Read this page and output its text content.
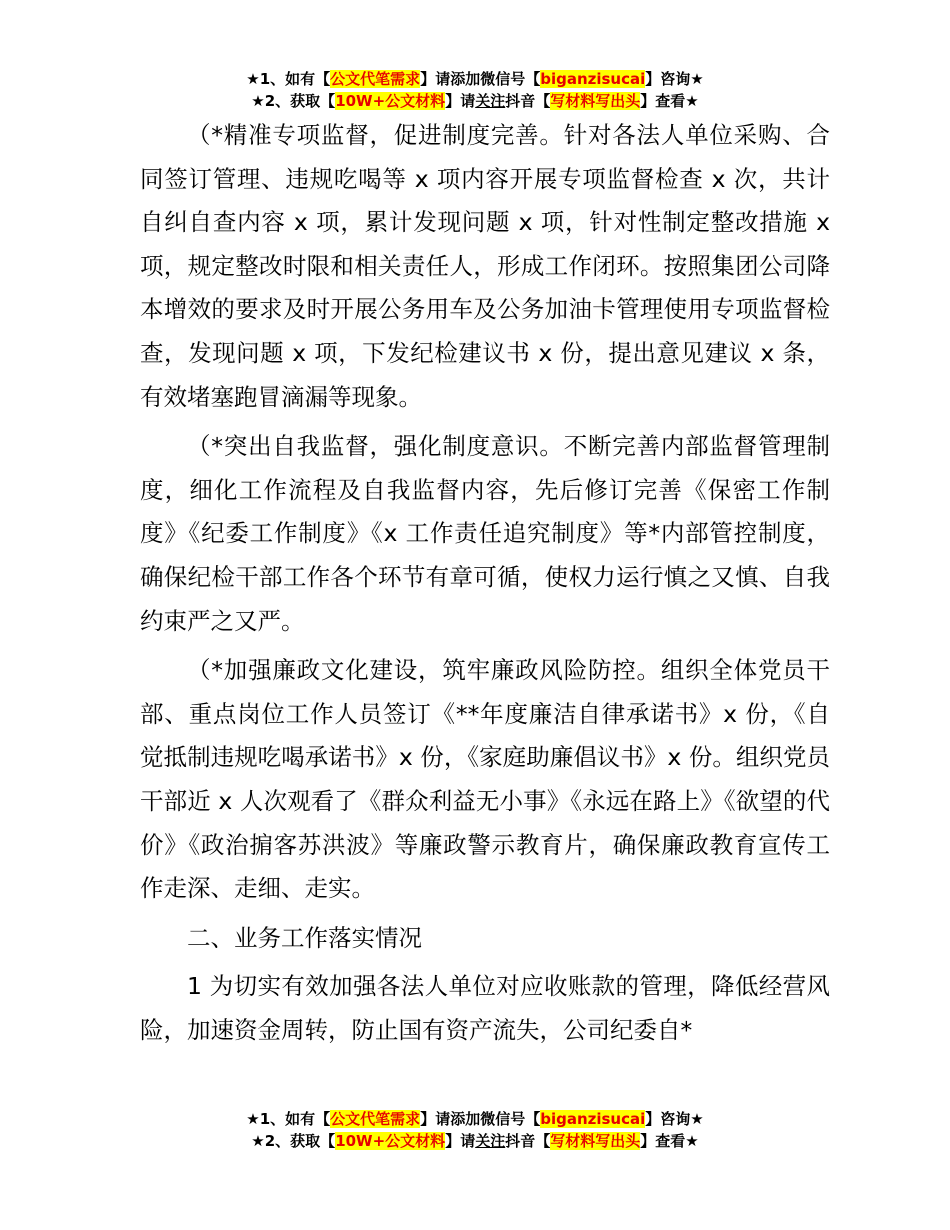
★1、如有【公文代笔需求】请添加微信号【biganzisucai】咨询★
★2、获取【10W+公文材料】请关注抖音【写材料写出头】查看★

（*精准专项监督，促进制度完善。针对各法人单位采购、合同签订管理、违规吃喝等 x 项内容开展专项监督检查 x 次，共计自纠自查内容 x 项，累计发现问题 x 项，针对性制定整改措施 x 项，规定整改时限和相关责任人，形成工作闭环。按照集团公司降本增效的要求及时开展公务用车及公务加油卡管理使用专项监督检查，发现问题 x 项，下发纪检建议书 x 份，提出意见建议 x 条，有效堵塞跑冒滴漏等现象。

（*突出自我监督，强化制度意识。不断完善内部监督管理制度，细化工作流程及自我监督内容，先后修订完善《保密工作制度》《纪委工作制度》《x 工作责任追究制度》等*内部管控制度，确保纪检干部工作各个环节有章可循，使权力运行慎之又慎、自我约束严之又严。

（*加强廉政文化建设，筑牢廉政风险防控。组织全体党员干部、重点岗位工作人员签订《**年度廉洁自律承诺书》x 份，《自觉抵制违规吃喝承诺书》x 份，《家庭助廉倡议书》x 份。组织党员干部近 x 人次观看了《群众利益无小事》《永远在路上》《欲望的代价》《政治掮客苏洪波》等廉政警示教育片，确保廉政教育宣传工作走深、走细、走实。

二、业务工作落实情况

1 为切实有效加强各法人单位对应收账款的管理，降低经营风险，加速资金周转，防止国有资产流失，公司纪委自*

★1、如有【公文代笔需求】请添加微信号【biganzisucai】咨询★
★2、获取【10W+公文材料】请关注抖音【写材料写出头】查看★
